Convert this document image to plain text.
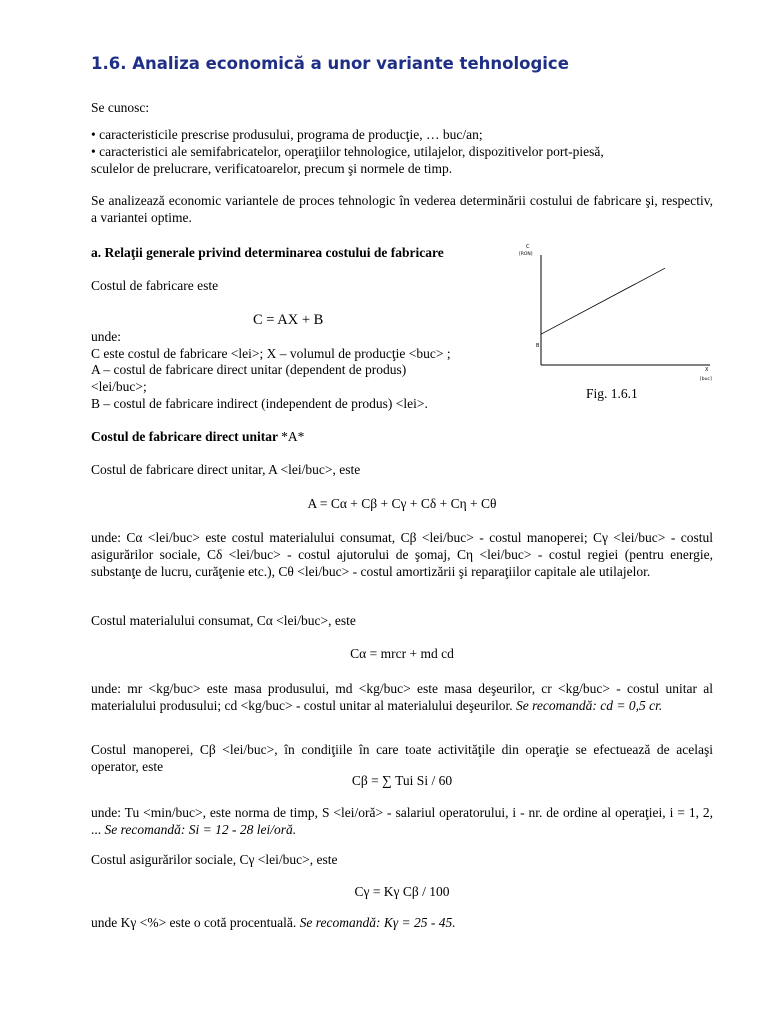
1.6. Analiza economică a unor variante tehnologice
Se cunosc:
• caracteristicile prescrise produsului, programa de producţie, … buc/an;
• caracteristici ale semifabricatelor, operaţiilor tehnologice, utilajelor, dispozitivelor port-piesă,
sculelor de prelucrare, verificatoarelor, precum şi normele de timp.
Se analizează economic variantele de proces tehnologic în vederea determinării costului de fabricare şi, respectiv, a variantei optime.
a. Relaţii generale privind determinarea costului de fabricare
Costul de fabricare este
C = AX + B
unde:
C este costul de fabricare <lei>; X – volumul de producţie <buc> ;
A – costul de fabricare direct unitar (dependent de produs)
<lei/buc>;
B – costul de fabricare indirect (independent de produs) <lei>.
C
[RON]
B
X
[buc]
Fig. 1.6.1
Costul de fabricare direct unitar *A*
Costul de fabricare direct unitar, A <lei/buc>, este
A = Cα + Cβ + Cγ + Cδ + Cη + Cθ
unde: Cα <lei/buc> este costul materialului consumat, Cβ <lei/buc> - costul manoperei; Cγ <lei/buc> - costul asigurărilor sociale, Cδ <lei/buc> - costul ajutorului de şomaj, Cη <lei/buc> - costul regiei (pentru energie, substanţe de lucru, curăţenie etc.), Cθ <lei/buc> - costul amortizării şi reparaţiilor capitale ale utilajelor.
Costul materialului consumat, Cα <lei/buc>, este
Cα = mrcr + md cd
unde: mr <kg/buc> este masa produsului, md <kg/buc> este masa deşeurilor, cr <kg/buc> - costul unitar al materialului produsului; cd <kg/buc> - costul unitar al materialului deşeurilor. Se recomandă: cd = 0,5 cr.
Costul manoperei, Cβ <lei/buc>, în condiţiile în care toate activităţile din operaţie se efectuează de acelaşi operator, este
Cβ = ∑ Tui Si / 60
unde: Tu <min/buc>, este norma de timp, S <lei/oră> - salariul operatorului, i - nr. de ordine al operaţiei, i = 1, 2, ... Se recomandă: Si = 12 - 28 lei/oră.
Costul asigurărilor sociale, Cγ <lei/buc>, este
Cγ = Kγ Cβ / 100
unde Kγ <%> este o cotă procentuală. Se recomandă: Kγ = 25 - 45.
